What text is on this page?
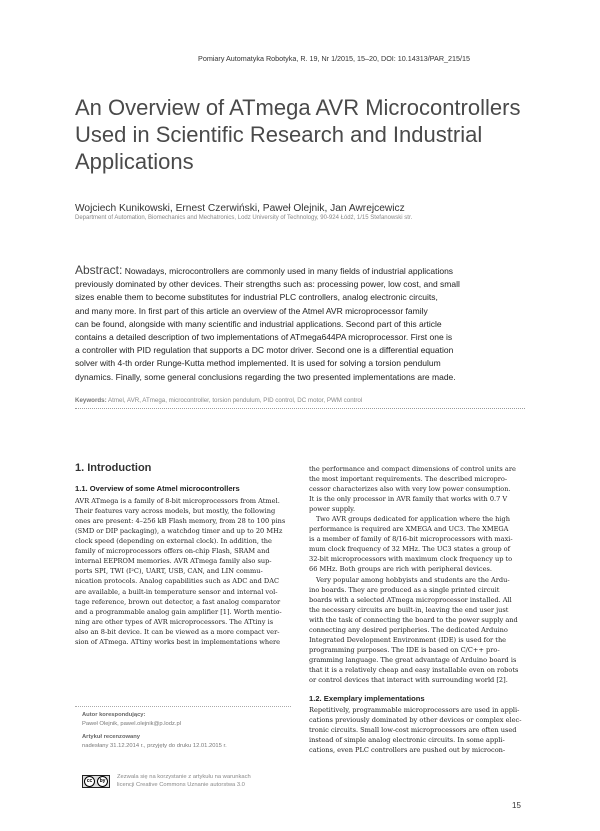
Pomiary Automatyka Robotyka, R. 19, Nr 1/2015, 15–20, DOI: 10.14313/PAR_215/15
An Overview of ATmega AVR Microcontrollers
Used in Scientific Research and Industrial
Applications
Wojciech Kunikowski, Ernest Czerwiński, Paweł Olejnik, Jan Awrejcewicz
Department of Automation, Biomechanics and Mechatronics, Lodz University of Technology, 90-924 Łódź, 1/15 Stefanowski str.

Abstract: Nowadays, microcontrollers are commonly used in many fields of industrial applications
previously dominated by other devices. Their strengths such as: processing power, low cost, and small
sizes enable them to become substitutes for industrial PLC controllers, analog electronic circuits,
and many more. In first part of this article an overview of the Atmel AVR microprocessor family
can be found, alongside with many scientific and industrial applications. Second part of this article
contains a detailed description of two implementations of ATmega644PA microprocessor. First one is
a controller with PID regulation that supports a DC motor driver. Second one is a differential equation
solver with 4-th order Runge-Kutta method implemented. It is used for solving a torsion pendulum
dynamics. Finally, some general conclusions regarding the two presented implementations are made.

Keywords: Atmel, AVR, ATmega, microcontroller, torsion pendulum, PID control, DC motor, PWM control
1. Introduction
1.1. Overview of some Atmel microcontrollers
AVR ATmega is a family of 8-bit microprocessors from Atmel.
Their features vary across models, but mostly, the following
ones are present: 4–256 kB Flash memory, from 28 to 100 pins
(SMD or DIP packaging), a watchdog timer and up to 20 MHz
clock speed (depending on external clock). In addition, the
family of microprocessors offers on-chip Flash, SRAM and
internal EEPROM memories. AVR ATmega family also sup-
ports SPI, TWI (I²C), UART, USB, CAN, and LIN commu-
nication protocols. Analog capabilities such as ADC and DAC
are available, a built-in temperature sensor and internal vol-
tage reference, brown out detector, a fast analog comparator
and a programmable analog gain amplifier [1]. Worth mentio-
ning are other types of AVR microprocessors. The ATtiny is
also an 8-bit device. It can be viewed as a more compact ver-
sion of ATmega. ATtiny works best in implementations where
Autor korespondujący:
Paweł Olejnik, pawel.olejnik@p.lodz.pl
Artykuł recenzowany
nadesłany 31.12.2014 r., przyjęty do druku 12.01.2015 r.
cc	by
Zezwala się na korzystanie z artykułu na warunkach
licencji Creative Commons Uznanie autorstwa 3.0
the performance and compact dimensions of control units are
the most important requirements. The described micropro-
cessor characterizes also with very low power consumption.
It is the only processor in AVR family that works with 0.7 V
power supply.
Two AVR groups dedicated for application where the high
performance is required are XMEGA and UC3. The XMEGA
is a member of family of 8/16-bit microprocessors with maxi-
mum clock frequency of 32 MHz. The UC3 states a group of
32-bit microprocessors with maximum clock frequency up to
66 MHz. Both groups are rich with peripheral devices.
Very popular among hobbyists and students are the Ardu-
ino boards. They are produced as a single printed circuit
boards with a selected ATmega microprocessor installed. All
the necessary circuits are built-in, leaving the end user just
with the task of connecting the board to the power supply and
connecting any desired peripheries. The dedicated Arduino
Integrated Development Environment (IDE) is used for the
programming purposes. The IDE is based on C/C++ pro-
gramming language. The great advantage of Arduino board is
that it is a relatively cheap and easy installable even on robots
or control devices that interact with surrounding world [2].
1.2. Exemplary implementations
Repetitively, programmable microprocessors are used in appli-
cations previously dominated by other devices or complex elec-
tronic circuits. Small low-cost microprocessors are often used
instead of simple analog electronic circuits. In some appli-
cations, even PLC controllers are pushed out by microcon-
15
